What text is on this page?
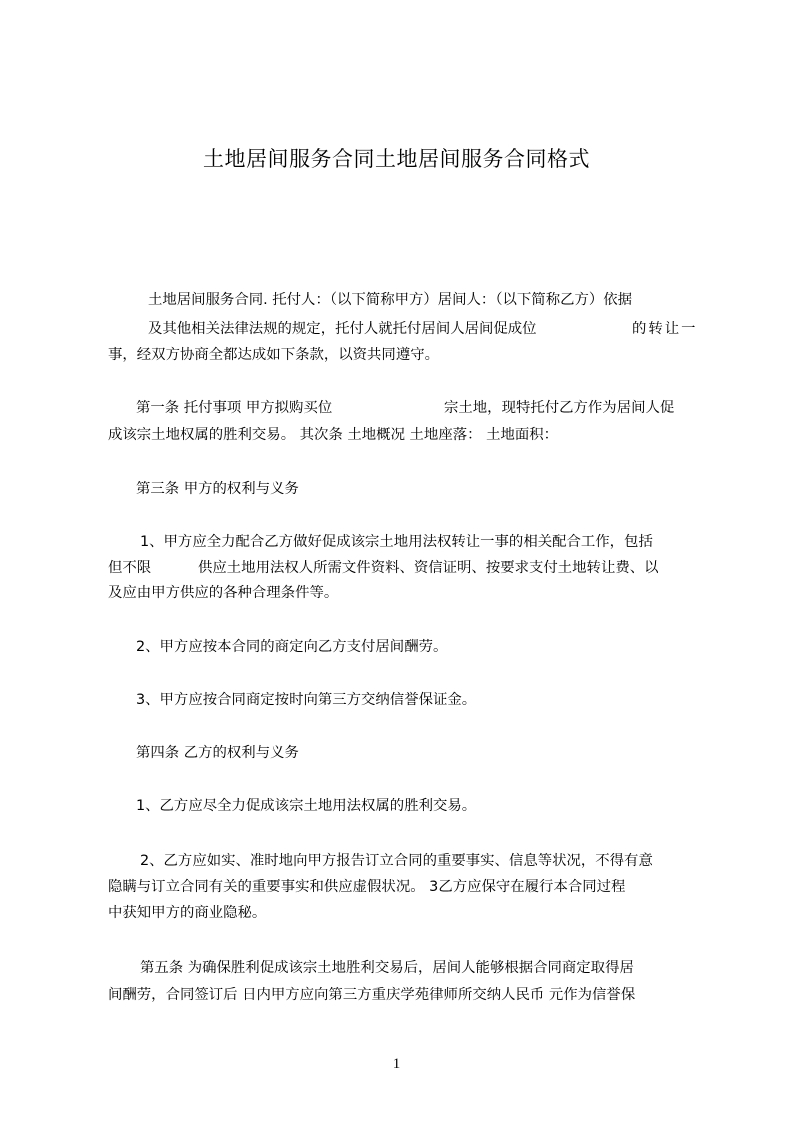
土地居间服务合同土地居间服务合同格式
土地居间服务合同. 托付人：（以下简称甲方）居间人：（以下简称乙方）依据
及其他相关法律法规的规定，托付人就托付居间人居间促成位	的转让一
事，经双方协商全都达成如下条款，以资共同遵守。
第一条 托付事项 甲方拟购买位	宗土地，现特托付乙方作为居间人促
成该宗土地权属的胜利交易。 其次条 土地概况 土地座落： 土地面积：
第三条 甲方的权利与义务
1、甲方应全力配合乙方做好促成该宗土地用法权转让一事的相关配合工作，包括
但不限	供应土地用法权人所需文件资料、资信证明、按要求支付土地转让费、以
及应由甲方供应的各种合理条件等。
2、甲方应按本合同的商定向乙方支付居间酬劳。
3、甲方应按合同商定按时向第三方交纳信誉保证金。
第四条 乙方的权利与义务
1、乙方应尽全力促成该宗土地用法权属的胜利交易。
2、乙方应如实、准时地向甲方报告订立合同的重要事实、信息等状况，不得有意
隐瞒与订立合同有关的重要事实和供应虚假状况。 3乙方应保守在履行本合同过程
中获知甲方的商业隐秘。
第五条 为确保胜利促成该宗土地胜利交易后，居间人能够根据合同商定取得居
间酬劳，合同签订后 日内甲方应向第三方重庆学苑律师所交纳人民币 元作为信誉保
1
